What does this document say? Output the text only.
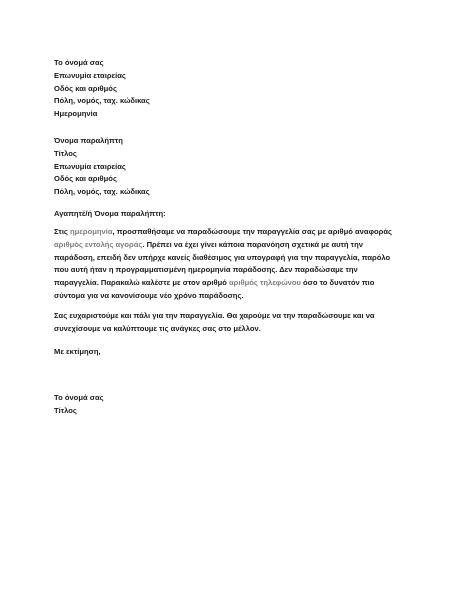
Το όνομά σας
Επωνυμία εταιρείας
Οδός και αριθμός
Πόλη, νομός, ταχ. κώδικας
Ημερομηνία
Όνομα παραλήπτη
Τίτλος
Επωνυμία εταιρείας
Οδός και αριθμός
Πόλη, νομός, ταχ. κώδικας
Αγαπητέ/ή Όνομα παραλήπτη:
Στις ημερομηνία, προσπαθήσαμε να παραδώσουμε την παραγγελία σας με αριθμό αναφοράς
αριθμός εντολής αγοράς. Πρέπει να έχει γίνει κάποια παρανόηση σχετικά με αυτή την
παράδοση, επειδή δεν υπήρχε κανείς διαθέσιμος για υπογραφή για την παραγγελία, παρόλο
που αυτή ήταν η προγραμματισμένη ημερομηνία παράδοσης. Δεν παραδώσαμε την
παραγγελία. Παρακαλώ καλέστε με στον αριθμό αριθμός τηλεφώνου όσο το δυνατόν πιο
σύντομα για να κανονίσουμε νέο χρόνο παράδοσης.
Σας ευχαριστούμε και πάλι για την παραγγελία. Θα χαρούμε να την παραδώσουμε και να
συνεχίσουμε να καλύπτουμε τις ανάγκες σας στο μέλλον.
Με εκτίμηση,
Το όνομά σας
Τίτλος
